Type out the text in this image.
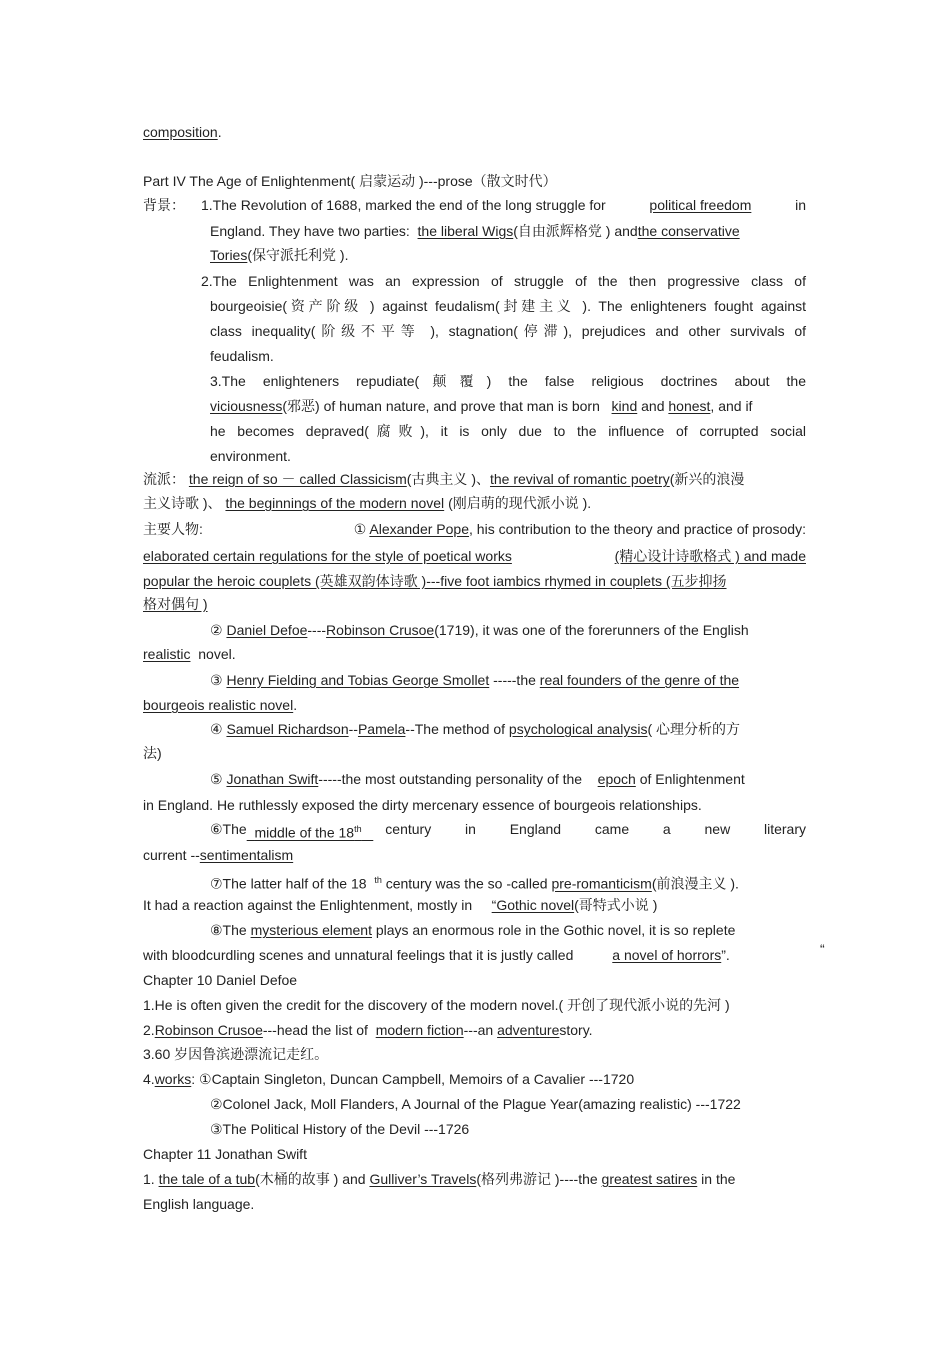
composition.
Part IV The Age of Enlightenment( 启蒙运动 )---prose（散文时代）
背景： 1.The Revolution of 1688, marked the end of the long struggle for	political freedom	in
England. They have two parties: the liberal Wigs(自由派辉格党 ) andthe conservative
Tories(保守派托利党 ).
2.The Enlightenment was an expression of struggle of the then progressive class of
bourgeoisie(资产阶级 ) against feudalism(封建主义 ). The enlighteners fought against
class inequality(阶级不平等 ), stagnation(停滞), prejudices and other survivals of
feudalism.
3.The enlighteners repudiate(颠覆) the false religious doctrines about the
viciousness(邪恶) of human nature, and prove that man is born kind and honest, and if
he becomes depraved(腐败), it is only due to the influence of corrupted social
environment.
流派： the reign of so － called Classicism(古典主义 )、the revival of romantic poetry(新兴的浪漫
主义诗歌 )、 the beginnings of the modern novel (刚启萌的现代派小说 ).
主要人物:	① Alexander Pope, his contribution to the theory and practice of prosody:
elaborated certain regulations for the style of poetical works	(精心设计诗歌格式 ) and made
popular the heroic couplets (英雄双韵体诗歌 )---five foot iambics rhymed in couplets (五步抑扬
格对偶句 )
② Daniel Defoe----Robinson Crusoe(1719), it was one of the forerunners of the English
realistic novel.
③ Henry Fielding and Tobias George Smollet -----the real founders of the genre of the
bourgeois realistic novel.
④ Samuel Richardson--Pamela--The method of psychological analysis( 心理分析的方
法)
⑤ Jonathan Swift-----the most outstanding personality of the epoch of Enlightenment
in England. He ruthlessly exposed the dirty mercenary essence of bourgeois relationships.
⑥The middle of the 18th	century in England came a new literary
current --sentimentalism
⑦The latter half of the 18 $^{th}$ century was the so -called pre-romanticism(前浪漫主义 ).
It had a reaction against the Enlightenment, mostly in “Gothic novel(哥特式小说 )
⑧The mysterious element plays an enormous role in the Gothic novel, it is so replete
with bloodcurdling scenes and unnatural feelings that it is justly called	a novel of horrors”.	“
Chapter 10 Daniel Defoe
1.He is often given the credit for the discovery of the modern novel.( 开创了现代派小说的先河 )
2.Robinson Crusoe---head the list of modern fiction---an adventurestory.
3.60 岁因鲁滨逊漂流记走红。
4.works: ①Captain Singleton, Duncan Campbell, Memoirs of a Cavalier ---1720
②Colonel Jack, Moll Flanders, A Journal of the Plague Year(amazing realistic) ---1722
③The Political History of the Devil ---1726
Chapter 11 Jonathan Swift
1. the tale of a tub(木桶的故事 ) and Gulliver’s Travels(格列弗游记 )----the greatest satires in the
English language.
